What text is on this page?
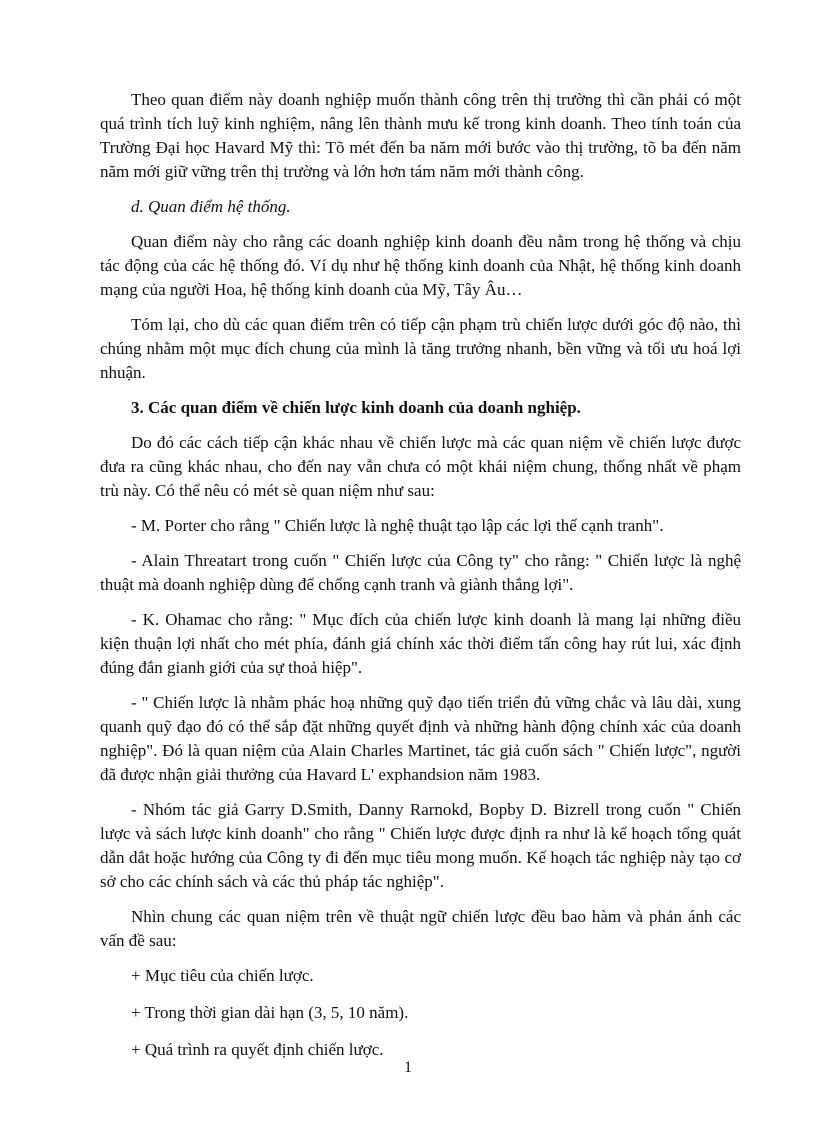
Theo quan điểm này doanh nghiệp muốn thành công trên thị trường thì cần phải có một quá trình tích luỹ kinh nghiệm, nâng lên thành mưu kế trong kinh doanh. Theo tính toán của Trường Đại học Havard Mỹ thì: Tõ mét đến ba năm mới bước vào thị trường, tõ ba đến năm năm mới giữ vững trên thị trường và lớn hơn tám năm mới thành công.

d. Quan điểm hệ thống.

Quan điểm này cho rằng các doanh nghiệp kinh doanh đều nằm trong hệ thống và chịu tác động của các hệ thống đó. Ví dụ như hệ thống kinh doanh của Nhật, hệ thống kinh doanh mạng của người Hoa, hệ thống kinh doanh của Mỹ, Tây Âu…

Tóm lại, cho dù các quan điểm trên có tiếp cận phạm trù chiến lược dưới góc độ nào, thì chúng nhằm một mục đích chung của mình là tăng trưởng nhanh, bền vững và tối ưu hoá lợi nhuận.

3. Các quan điểm về chiến lược kinh doanh của doanh nghiệp.

Do đó các cách tiếp cận khác nhau về chiến lược mà các quan niệm về chiến lược được đưa ra cũng khác nhau, cho đến nay vẫn chưa có một khái niệm chung, thống nhất về phạm trù này. Có thể nêu có mét sè quan niệm như sau:

- M. Porter cho rằng " Chiến lược là nghệ thuật tạo lập các lợi thế cạnh tranh".

- Alain Threatart trong cuốn " Chiến lược của Công ty" cho rằng: " Chiến lược là nghệ thuật mà doanh nghiệp dùng để chống cạnh tranh và giành thắng lợi".

- K. Ohamac cho rằng: " Mục đích của chiến lược kinh doanh là mang lại những điều kiện thuận lợi nhất cho mét phía, đánh giá chính xác thời điểm tấn công hay rút lui, xác định đúng đắn gianh giới của sự thoả hiệp".

- " Chiến lược là nhằm phác hoạ những quỹ đạo tiến triển đủ vững chắc và lâu dài, xung quanh quỹ đạo đó có thể sắp đặt những quyết định và những hành động chính xác của doanh nghiệp". Đó là quan niệm của Alain Charles Martinet, tác giả cuốn sách " Chiến lược", người đã được nhận giải thưởng của Havard L' exphandsion năm 1983.

- Nhóm tác giả Garry D.Smith, Danny Rarnokd, Bopby D. Bizrell trong cuốn " Chiến lược và sách lược kinh doanh" cho rằng " Chiến lược được định ra như là kế hoạch tổng quát dẫn dắt hoặc hướng của Công ty đi đến mục tiêu mong muốn. Kế hoạch tác nghiệp này tạo cơ sở cho các chính sách và các thủ pháp tác nghiệp".

Nhìn chung các quan niệm trên về thuật ngữ chiến lược đều bao hàm và phản ánh các vấn đề sau:

+ Mục tiêu của chiến lược.

+ Trong thời gian dài hạn (3, 5, 10 năm).

+ Quá trình ra quyết định chiến lược.

1
